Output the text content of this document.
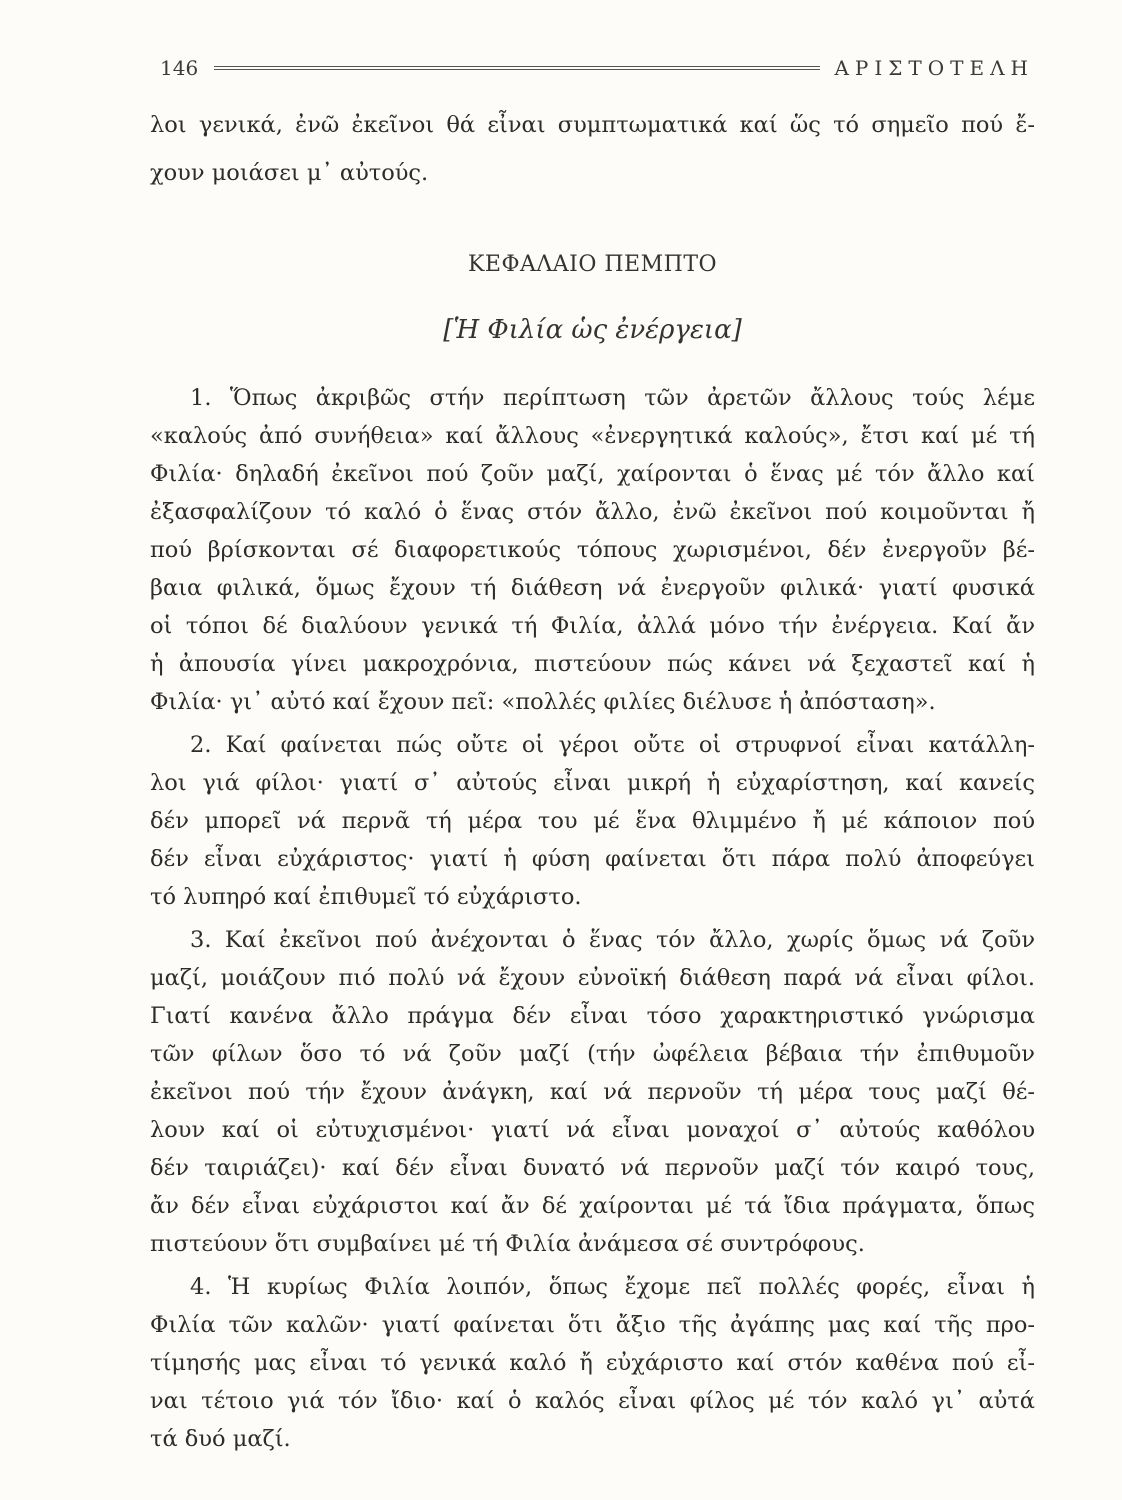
146	ΑΡΙΣΤΟΤΕΛΗ
λοι γενικά, ἐνῶ ἐκεῖνοι θά εἶναι συμπτωματικά καί ὥς τό σημεῖο πού ἔ-
χουν μοιάσει μ᾿ αὐτούς.
ΚΕΦΑΛΑΙΟ ΠΕΜΠΤΟ
[Ἡ Φιλία ὡς ἐνέργεια]
1. Ὅπως ἀκριβῶς στήν περίπτωση τῶν ἀρετῶν ἄλλους τούς λέμε
«καλούς ἀπό συνήθεια» καί ἄλλους «ἐνεργητικά καλούς», ἔτσι καί μέ τή
Φιλία· δηλαδή ἐκεῖνοι πού ζοῦν μαζί, χαίρονται ὁ ἕνας μέ τόν ἄλλο καί
ἐξασφαλίζουν τό καλό ὁ ἕνας στόν ἄλλο, ἐνῶ ἐκεῖνοι πού κοιμοῦνται ἤ
πού βρίσκονται σέ διαφορετικούς τόπους χωρισμένοι, δέν ἐνεργοῦν βέ-
βαια φιλικά, ὅμως ἔχουν τή διάθεση νά ἐνεργοῦν φιλικά· γιατί φυσικά
οἱ τόποι δέ διαλύουν γενικά τή Φιλία, ἀλλά μόνο τήν ἐνέργεια. Καί ἄν
ἡ ἀπουσία γίνει μακροχρόνια, πιστεύουν πώς κάνει νά ξεχαστεῖ καί ἡ
Φιλία· γι᾿ αὐτό καί ἔχουν πεῖ: «πολλές φιλίες διέλυσε ἡ ἀπόσταση».
2. Καί φαίνεται πώς οὔτε οἱ γέροι οὔτε οἱ στρυφνοί εἶναι κατάλλη-
λοι γιά φίλοι· γιατί σ᾿ αὐτούς εἶναι μικρή ἡ εὐχαρίστηση, καί κανείς
δέν μπορεῖ νά περνᾶ τή μέρα του μέ ἕνα θλιμμένο ἤ μέ κάποιον πού
δέν εἶναι εὐχάριστος· γιατί ἡ φύση φαίνεται ὅτι πάρα πολύ ἀποφεύγει
τό λυπηρό καί ἐπιθυμεῖ τό εὐχάριστο.
3. Καί ἐκεῖνοι πού ἀνέχονται ὁ ἕνας τόν ἄλλο, χωρίς ὅμως νά ζοῦν
μαζί, μοιάζουν πιό πολύ νά ἔχουν εὐνοϊκή διάθεση παρά νά εἶναι φίλοι.
Γιατί κανένα ἄλλο πράγμα δέν εἶναι τόσο χαρακτηριστικό γνώρισμα
τῶν φίλων ὅσο τό νά ζοῦν μαζί (τήν ὠφέλεια βέβαια τήν ἐπιθυμοῦν
ἐκεῖνοι πού τήν ἔχουν ἀνάγκη, καί νά περνοῦν τή μέρα τους μαζί θέ-
λουν καί οἱ εὐτυχισμένοι· γιατί νά εἶναι μοναχοί σ᾿ αὐτούς καθόλου
δέν ταιριάζει)· καί δέν εἶναι δυνατό νά περνοῦν μαζί τόν καιρό τους,
ἄν δέν εἶναι εὐχάριστοι καί ἄν δέ χαίρονται μέ τά ἴδια πράγματα, ὅπως
πιστεύουν ὅτι συμβαίνει μέ τή Φιλία ἀνάμεσα σέ συντρόφους.
4. Ἡ κυρίως Φιλία λοιπόν, ὅπως ἔχομε πεῖ πολλές φορές, εἶναι ἡ
Φιλία τῶν καλῶν· γιατί φαίνεται ὅτι ἄξιο τῆς ἀγάπης μας καί τῆς προ-
τίμησής μας εἶναι τό γενικά καλό ἤ εὐχάριστο καί στόν καθένα πού εἶ-
ναι τέτοιο γιά τόν ἴδιο· καί ὁ καλός εἶναι φίλος μέ τόν καλό γι᾿ αὐτά
τά δυό μαζί.
